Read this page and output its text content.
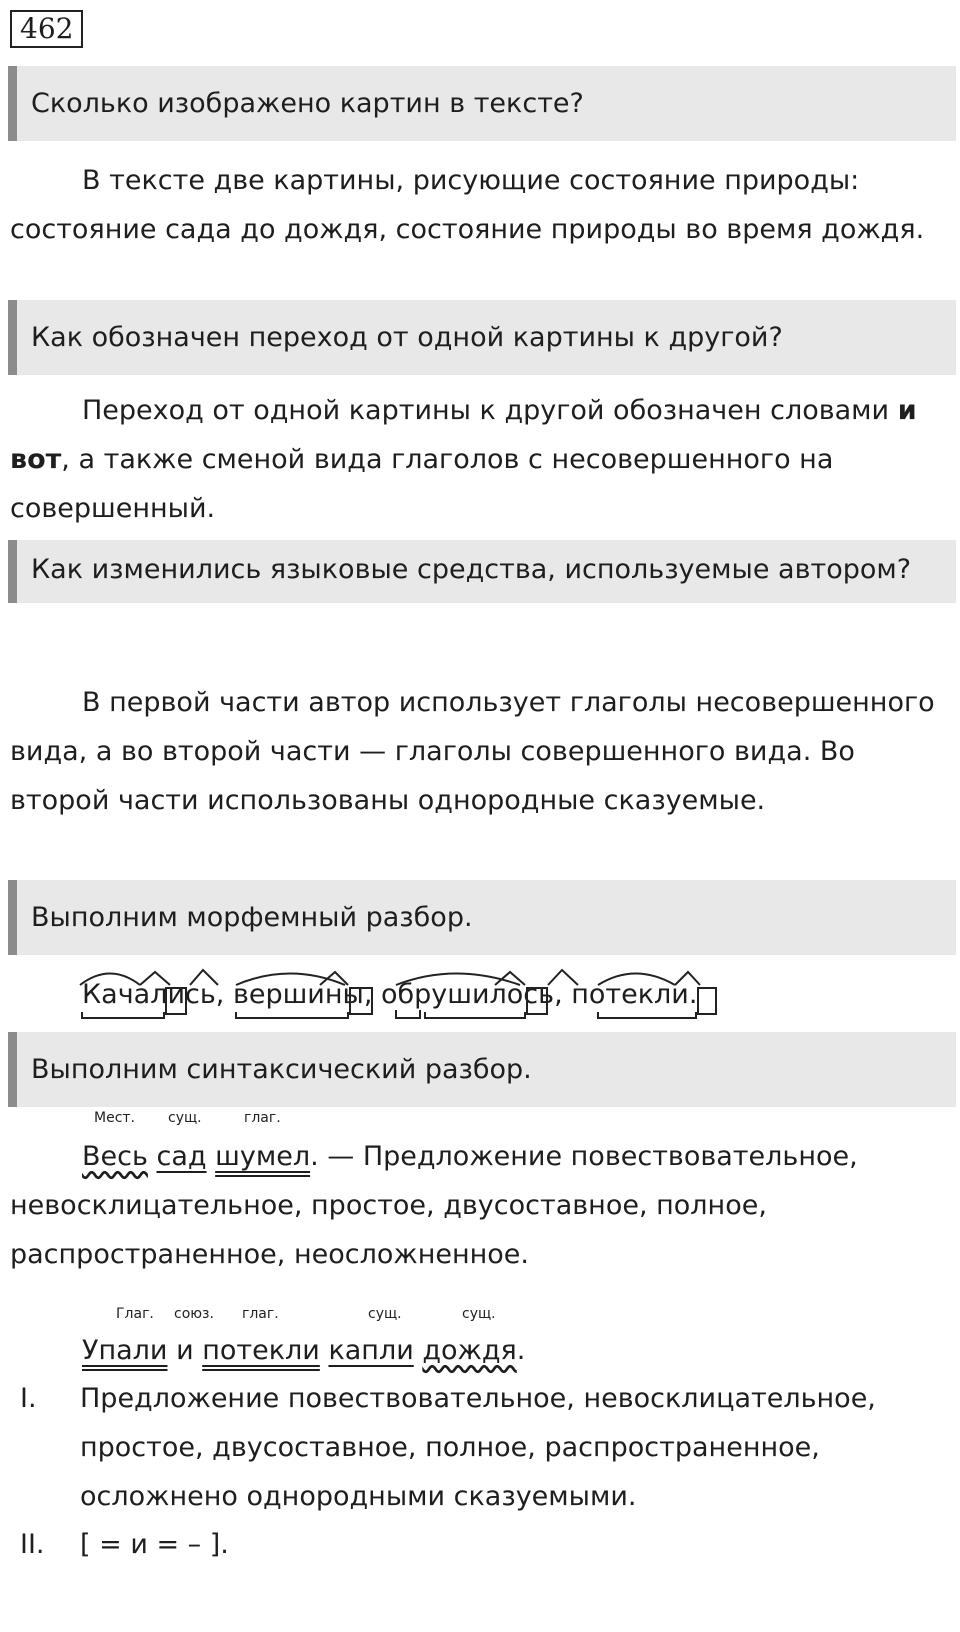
462
Сколько изображено картин в тексте?
В тексте две картины, рисующие состояние природы: состояние сада до дождя, состояние природы во время дождя.
Как обозначен переход от одной картины к другой?
Переход от одной картины к другой обозначен словами и вот, а также сменой вида глаголов с несовершенного на совершенный.
Как изменились языковые средства, используемые автором?
В первой части автор использует глаголы несовершенного вида, а во второй части — глаголы совершенного вида. Во второй части использованы однородные сказуемые.
Выполним морфемный разбор.
Качались, вершины, обрушилось, потекли.
Выполним синтаксический разбор.
Мест. сущ.	глаг.
Весь сад шумел. — Предложение повествовательное, невосклицательное, простое, двусоставное, полное, распространенное, неосложненное.
Глаг. союз. глаг.	сущ.	сущ.
Упали и потекли капли дождя.
I. Предложение повествовательное, невосклицательное, простое, двусоставное, полное, распространенное, осложнено однородными сказуемыми.
II. [ = и = – ].
